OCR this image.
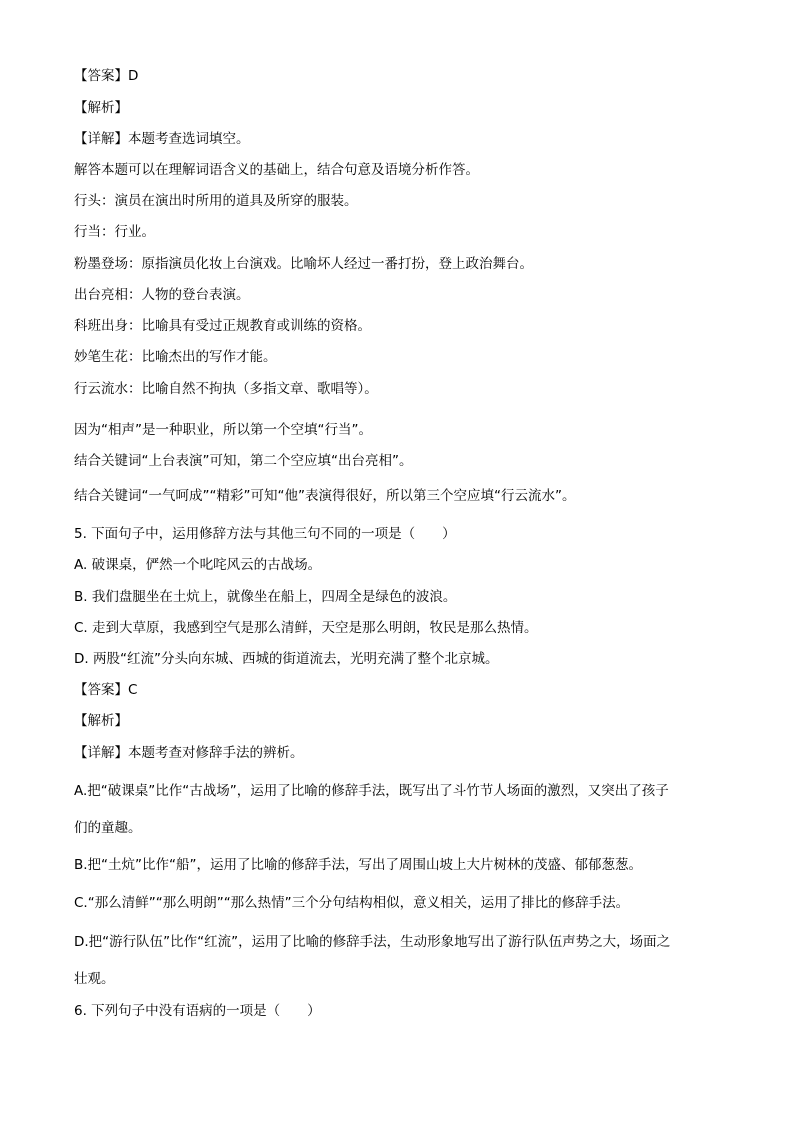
【答案】D
【解析】
【详解】本题考查选词填空。
解答本题可以在理解词语含义的基础上，结合句意及语境分析作答。
行头：演员在演出时所用的道具及所穿的服装。
行当：行业。
粉墨登场：原指演员化妆上台演戏。比喻坏人经过一番打扮，登上政治舞台。
出台亮相：人物的登台表演。
科班出身：比喻具有受过正规教育或训练的资格。
妙笔生花：比喻杰出的写作才能。
行云流水：比喻自然不拘执（多指文章、歌唱等）。
因为“相声”是一种职业，所以第一个空填“行当”。
结合关键词“上台表演”可知，第二个空应填“出台亮相”。
结合关键词“一气呵成”“精彩”可知“他”表演得很好，所以第三个空应填“行云流水”。
5. 下面句子中，运用修辞方法与其他三句不同的一项是（　　）
A. 破课桌，俨然一个叱咤风云的古战场。
B. 我们盘腿坐在土炕上，就像坐在船上，四周全是绿色的波浪。
C. 走到大草原，我感到空气是那么清鲜，天空是那么明朗，牧民是那么热情。
D. 两股“红流”分头向东城、西城的街道流去，光明充满了整个北京城。
【答案】C
【解析】
【详解】本题考查对修辞手法的辨析。
A.把“破课桌”比作“古战场”，运用了比喻的修辞手法，既写出了斗竹节人场面的激烈，又突出了孩子
们的童趣。
B.把“土炕”比作“船”，运用了比喻的修辞手法，写出了周围山坡上大片树林的茂盛、郁郁葱葱。
C.“那么清鲜”“那么明朗”“那么热情”三个分句结构相似，意义相关，运用了排比的修辞手法。
D.把“游行队伍”比作“红流”，运用了比喻的修辞手法，生动形象地写出了游行队伍声势之大，场面之
壮观。
6. 下列句子中没有语病的一项是（　　）
